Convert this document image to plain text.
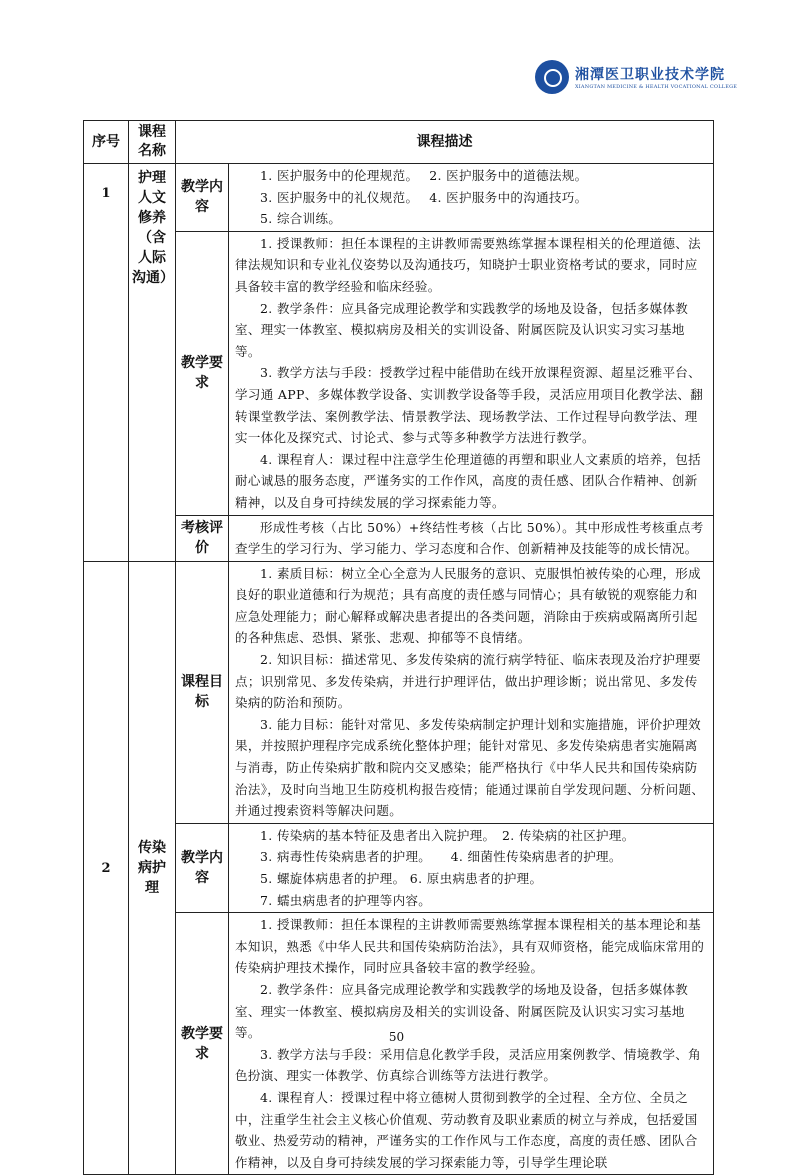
湘潭医卫职业技术学院
XIANGTAN MEDICINE & HEALTH VOCATIONAL COLLEGE
序号	课程名称	课程描述	
1	护理人文修养（含人际沟通）	教学内容	1. 医护服务中的伦理规范。　 2. 医护服务中的道德法规。

3. 医护服务中的礼仪规范。　 4. 医护服务中的沟通技巧。

5. 综合训练。

		教学要求	1. 授课教师：担任本课程的主讲教师需要熟练掌握本课程相关的伦理道德、法律法规知识和专业礼仪姿势以及沟通技巧，知晓护士职业资格考试的要求，同时应具备较丰富的教学经验和临床经验。

2. 教学条件：应具备完成理论教学和实践教学的场地及设备，包括多媒体教室、理实一体教室、模拟病房及相关的实训设备、附属医院及认识实习实习基地等。

3. 教学方法与手段：授教学过程中能借助在线开放课程资源、超星泛雅平台、学习通 APP、多媒体教学设备、实训教学设备等手段，灵活应用项目化教学法、翻转课堂教学法、案例教学法、情景教学法、现场教学法、工作过程导向教学法、理实一体化及探究式、讨论式、参与式等多种教学方法进行教学。

4. 课程育人：课过程中注意学生伦理道德的再塑和职业人文素质的培养，包括耐心诚恳的服务态度，严谨务实的工作作风，高度的责任感、团队合作精神、创新精神，以及自身可持续发展的学习探索能力等。

		考核评价	形成性考核（占比 50%）+终结性考核（占比 50%）。其中形成性考核重点考查学生的学习行为、学习能力、学习态度和合作、创新精神及技能等的成长情况。

2	传染病护理	课程目标	1. 素质目标：树立全心全意为人民服务的意识、克服惧怕被传染的心理，形成良好的职业道德和行为规范；具有高度的责任感与同情心；具有敏锐的观察能力和应急处理能力；耐心解释或解决患者提出的各类问题，消除由于疾病或隔离所引起的各种焦虑、恐惧、紧张、悲观、抑郁等不良情绪。

2. 知识目标：描述常见、多发传染病的流行病学特征、临床表现及治疗护理要点；识别常见、多发传染病，并进行护理评估，做出护理诊断；说出常见、多发传染病的防治和预防。

3. 能力目标：能针对常见、多发传染病制定护理计划和实施措施，评价护理效果，并按照护理程序完成系统化整体护理；能针对常见、多发传染病患者实施隔离与消毒，防止传染病扩散和院内交叉感染；能严格执行《中华人民共和国传染病防治法》，及时向当地卫生防疫机构报告疫情；能通过课前自学发现问题、分析问题、并通过搜索资料等解决问题。

		教学内容	1. 传染病的基本特征及患者出入院护理。　2. 传染病的社区护理。

3. 病毒性传染病患者的护理。　　4. 细菌性传染病患者的护理。

5. 螺旋体病患者的护理。 6. 原虫病患者的护理。

7. 蠕虫病患者的护理等内容。

		教学要求	1. 授课教师：担任本课程的主讲教师需要熟练掌握本课程相关的基本理论和基本知识，熟悉《中华人民共和国传染病防治法》，具有双师资格，能完成临床常用的传染病护理技术操作，同时应具备较丰富的教学经验。

2. 教学条件：应具备完成理论教学和实践教学的场地及设备，包括多媒体教室、理实一体教室、模拟病房及相关的实训设备、附属医院及认识实习实习基地等。

3. 教学方法与手段：采用信息化教学手段，灵活应用案例教学、情境教学、角色扮演、理实一体教学、仿真综合训练等方法进行教学。

4. 课程育人：授课过程中将立德树人贯彻到教学的全过程、全方位、全员之中，注重学生社会主义核心价值观、劳动教育及职业素质的树立与养成，包括爱国敬业、热爱劳动的精神，严谨务实的工作作风与工作态度，高度的责任感、团队合作精神，以及自身可持续发展的学习探索能力等，引导学生理论联

50
